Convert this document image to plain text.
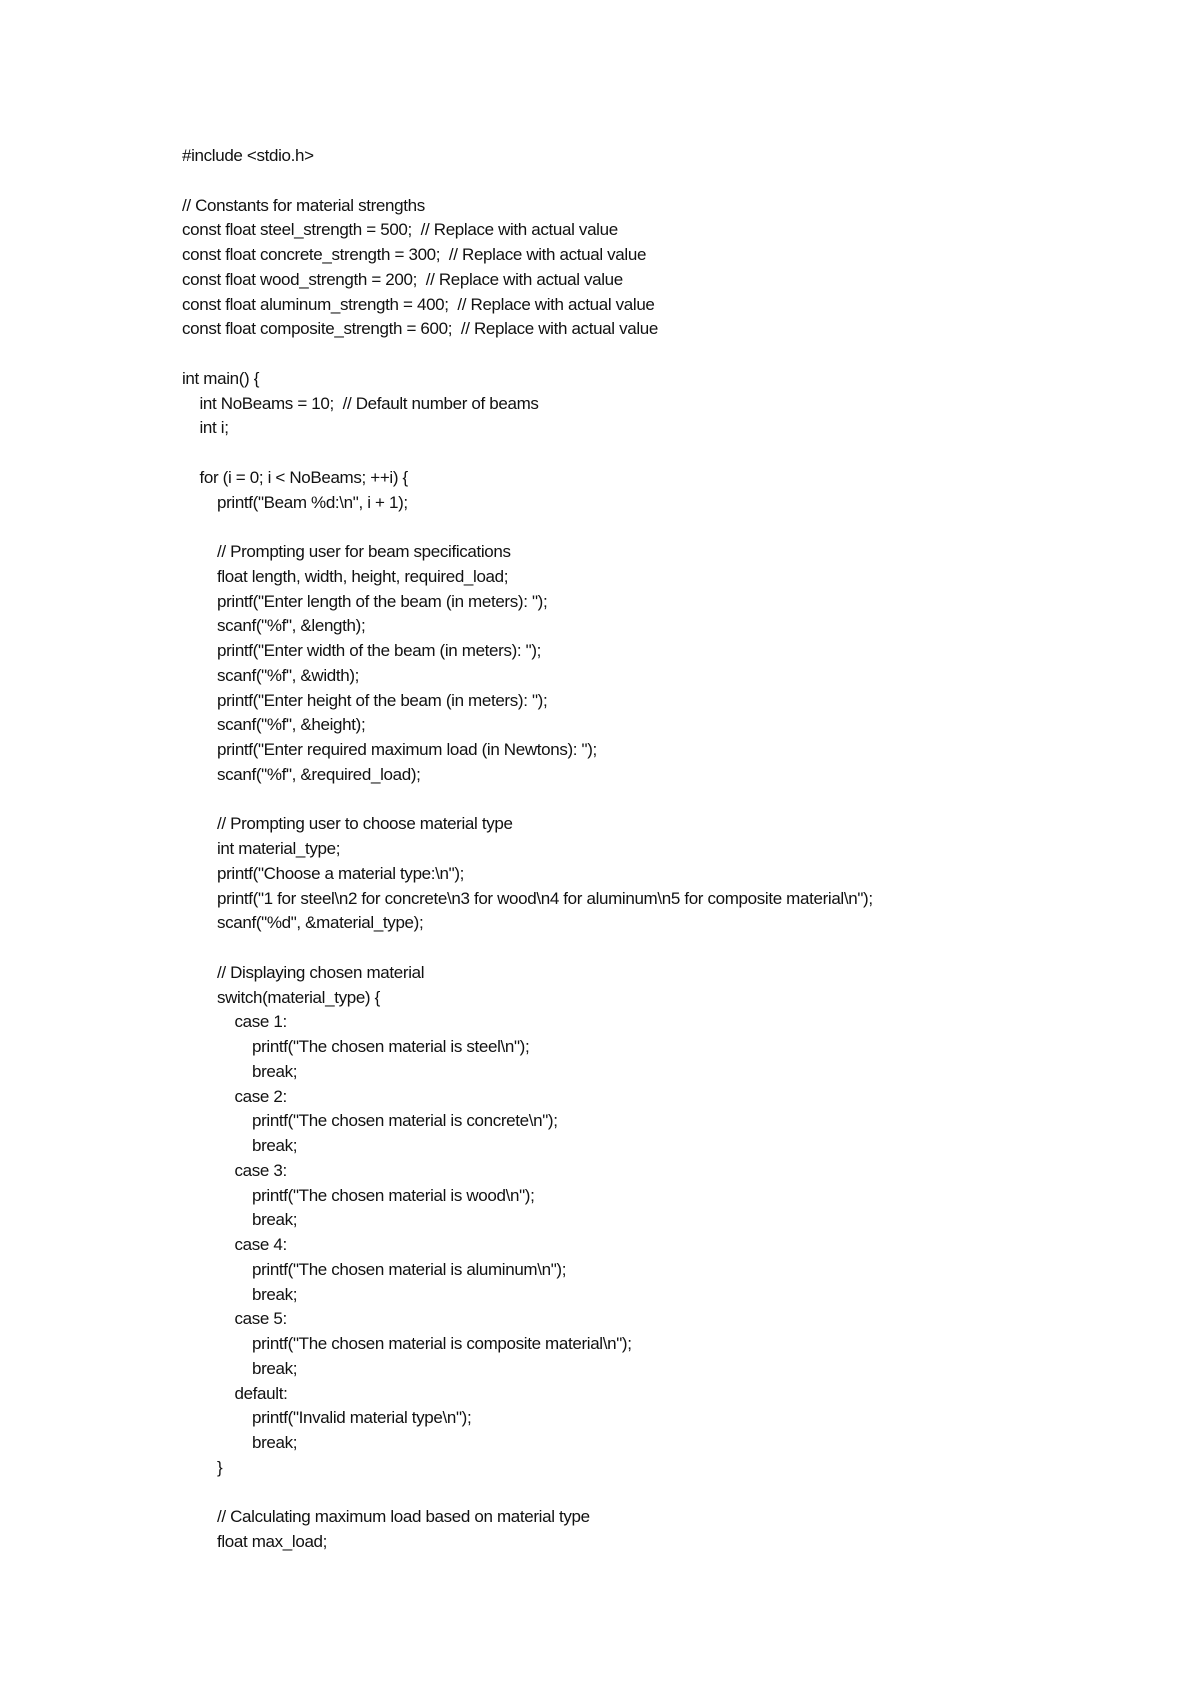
#include <stdio.h>
// Constants for material strengths
const float steel_strength = 500;  // Replace with actual value
const float concrete_strength = 300;  // Replace with actual value
const float wood_strength = 200;  // Replace with actual value
const float aluminum_strength = 400;  // Replace with actual value
const float composite_strength = 600;  // Replace with actual value
int main() {
int NoBeams = 10;  // Default number of beams
int i;
for (i = 0; i < NoBeams; ++i) {
printf("Beam %d:\n", i + 1);
// Prompting user for beam specifications
float length, width, height, required_load;
printf("Enter length of the beam (in meters): ");
scanf("%f", &length);
printf("Enter width of the beam (in meters): ");
scanf("%f", &width);
printf("Enter height of the beam (in meters): ");
scanf("%f", &height);
printf("Enter required maximum load (in Newtons): ");
scanf("%f", &required_load);
// Prompting user to choose material type
int material_type;
printf("Choose a material type:\n");
printf("1 for steel\n2 for concrete\n3 for wood\n4 for aluminum\n5 for composite material\n");
scanf("%d", &material_type);
// Displaying chosen material
switch(material_type) {
case 1:
printf("The chosen material is steel\n");
break;
case 2:
printf("The chosen material is concrete\n");
break;
case 3:
printf("The chosen material is wood\n");
break;
case 4:
printf("The chosen material is aluminum\n");
break;
case 5:
printf("The chosen material is composite material\n");
break;
default:
printf("Invalid material type\n");
break;
}
// Calculating maximum load based on material type
float max_load;
